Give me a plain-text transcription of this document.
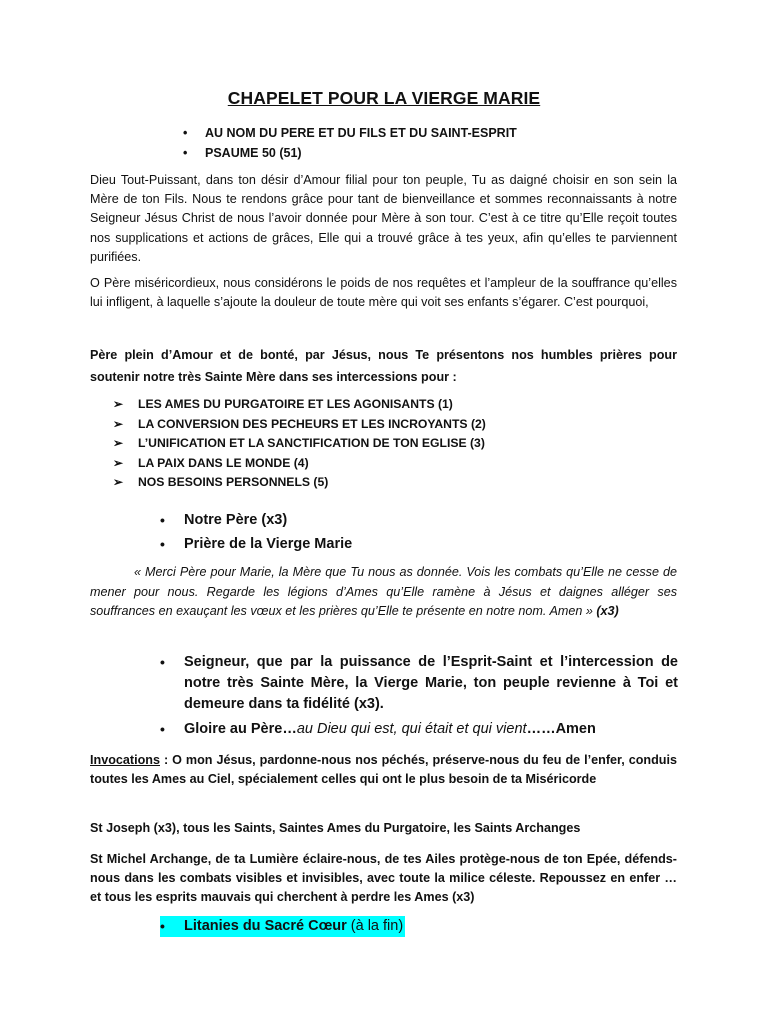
CHAPELET POUR LA VIERGE MARIE
• AU NOM DU PERE ET DU FILS ET DU SAINT-ESPRIT
• PSAUME 50 (51)

Dieu Tout-Puissant, dans ton désir d’Amour filial pour ton peuple, Tu as daigné choisir en son sein la Mère de ton Fils. Nous te rendons grâce pour tant de bienveillance et sommes reconnaissants à notre Seigneur Jésus Christ de nous l’avoir donnée pour Mère à son tour. C’est à ce titre qu’Elle reçoit toutes nos supplications et actions de grâces, Elle qui a trouvé grâce à tes yeux, afin qu’elles te parviennent purifiées.

O Père miséricordieux, nous considérons le poids de nos requêtes et l’ampleur de la souffrance qu’elles lui infligent, à laquelle s’ajoute la douleur de toute mère qui voit ses enfants s’égarer. C’est pourquoi,

Père plein d’Amour et de bonté, par Jésus, nous Te présentons nos humbles prières pour soutenir notre très Sainte Mère dans ses intercessions pour :

➢ LES AMES DU PURGATOIRE ET LES AGONISANTS (1)
➢ LA CONVERSION DES PECHEURS ET LES INCROYANTS (2)
➢ L’UNIFICATION ET LA SANCTIFICATION DE TON EGLISE (3)
➢ LA PAIX DANS LE MONDE (4)
➢ NOS BESOINS PERSONNELS (5)
• Notre Père (x3)
• Prière de la Vierge Marie

« Merci Père pour Marie, la Mère que Tu nous as donnée. Vois les combats qu’Elle ne cesse de mener pour nous. Regarde les légions d’Ames qu’Elle ramène à Jésus et daignes alléger ses souffrances en exauçant les vœux et les prières qu’Elle te présente en notre nom. Amen » (x3)

• Seigneur, que par la puissance de l’Esprit-Saint et l’intercession de notre très Sainte Mère, la Vierge Marie, ton peuple revienne à Toi et demeure dans ta fidélité (x3).
• Gloire au Père…au Dieu qui est, qui était et qui vient……Amen

Invocations : O mon Jésus, pardonne-nous nos péchés, préserve-nous du feu de l’enfer, conduis toutes les Ames au Ciel, spécialement celles qui ont le plus besoin de ta Miséricorde

St Joseph (x3), tous les Saints, Saintes Ames du Purgatoire, les Saints Archanges

St Michel Archange, de ta Lumière éclaire-nous, de tes Ailes protège-nous de ton Epée, défends-nous dans les combats visibles et invisibles, avec toute la milice céleste. Repoussez en enfer … et tous les esprits mauvais qui cherchent à perdre les Ames (x3)

• Litanies du Sacré Cœur (à la fin)
